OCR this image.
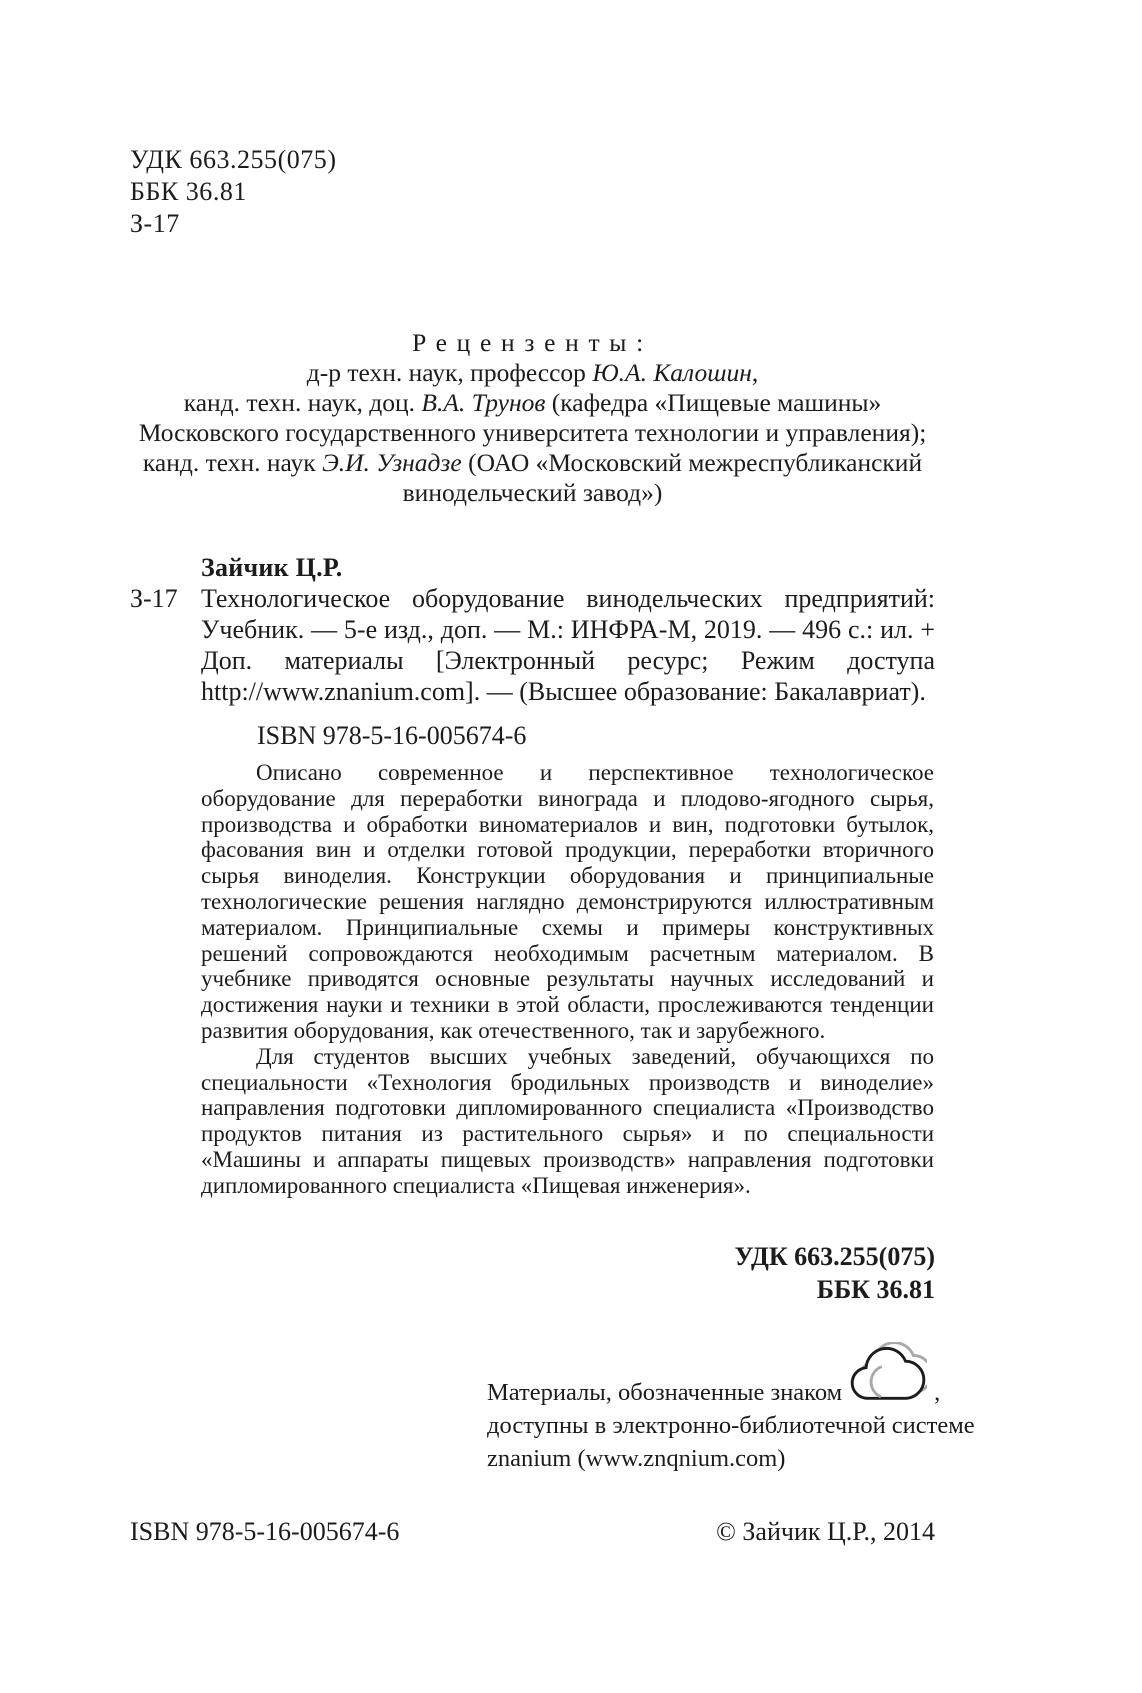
УДК 663.255(075)
ББК 36.81
З-17
Рецензенты:
д-р техн. наук, профессор Ю.А. Калошин,
канд. техн. наук, доц. В.А. Трунов (кафедра «Пищевые машины»
Московского государственного университета технологии и управления);
канд. техн. наук Э.И. Узнадзе (ОАО «Московский межреспубликанский
винодельческий завод»)
Зайчик Ц.Р.
З-17 Технологическое оборудование винодельческих предприятий: Учебник. — 5-е изд., доп. — М.: ИНФРА-М, 2019. — 496 с.: ил. + Доп. материалы [Электронный ресурс; Режим доступа http://www.znanium.com]. — (Высшее образование: Бакалавриат).
ISBN 978-5-16-005674-6

Описано современное и перспективное технологическое оборудование для переработки винограда и плодово-ягодного сырья, производства и обработки виноматериалов и вин, подготовки бутылок, фасования вин и отделки готовой продукции, переработки вторичного сырья виноделия. Конструкции оборудования и принципиальные технологические решения наглядно демонстрируются иллюстративным материалом. Принципиальные схемы и примеры конструктивных решений сопровождаются необходимым расчетным материалом. В учебнике приводятся основные результаты научных исследований и достижения науки и техники в этой области, прослеживаются тенденции развития оборудования, как отечественного, так и зарубежного.

Для студентов высших учебных заведений, обучающихся по специальности «Технология бродильных производств и виноделие» направления подготовки дипломированного специалиста «Производство продуктов питания из растительного сырья» и по специальности «Машины и аппараты пищевых производств» направления подготовки дипломированного специалиста «Пищевая инженерия».

УДК 663.255(075)
ББК 36.81
Материалы, обозначенные знаком	,
доступны в электронно-библиотечной системе
znanium (www.znqnium.com)
ISBN 978-5-16-005674-6	© Зайчик Ц.Р., 2014
